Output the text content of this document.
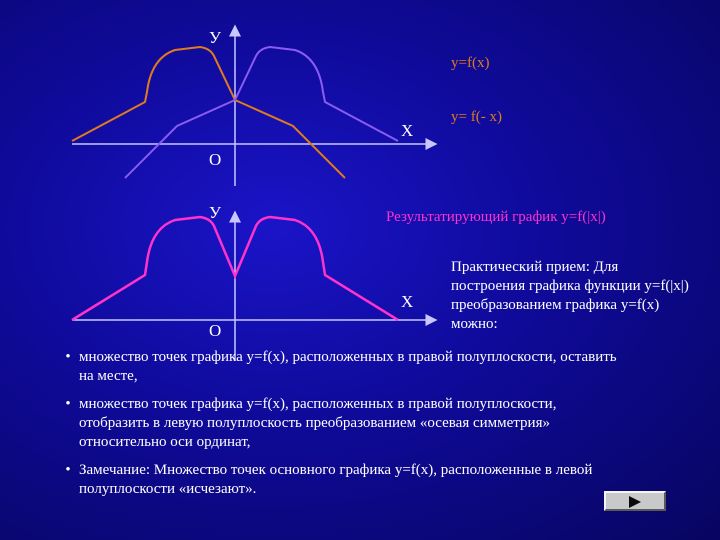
У
Х
О
y=f(x)
y= f(- x)
У
Х
О
Результатирующий график y=f(|x|)
Практический прием: Для построения графика функции y=f(|x|) преобразованием графика y=f(x) можно:
• множество точек графика y=f(x), расположенных в правой полуплоскости, оставить на месте,
• множество точек графика y=f(x), расположенных в правой полуплоскости, отобразить в левую полуплоскость преобразованием «осевая симметрия» относительно оси ординат,
• Замечание: Множество точек основного графика y=f(x), расположенные в левой полуплоскости «исчезают».
